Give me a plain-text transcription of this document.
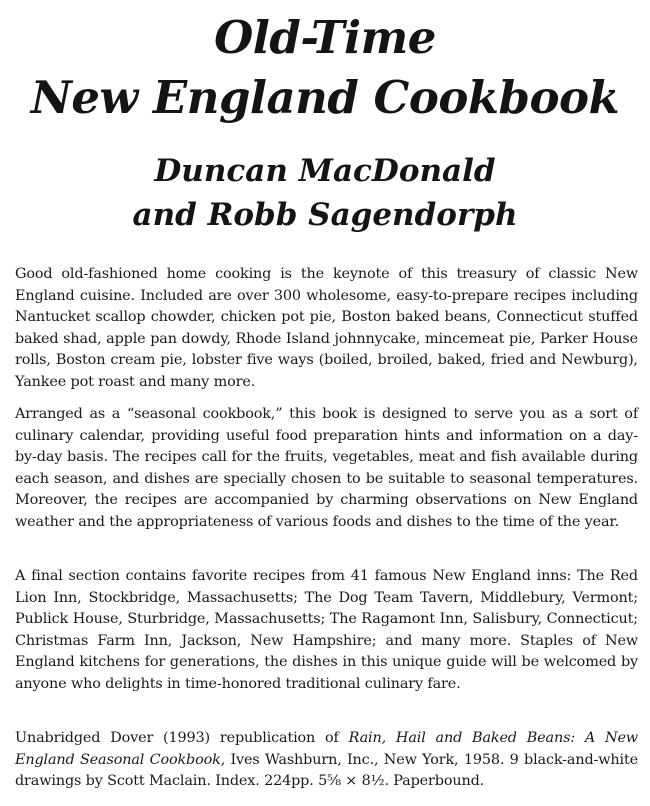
Old-Time
New England Cookbook
Duncan MacDonald
and Robb Sagendorph

Good old-fashioned home cooking is the keynote of this treasury of classic New England cuisine. Included are over 300 wholesome, easy-to-prepare recipes including Nantucket scallop chowder, chicken pot pie, Boston baked beans, Connecticut stuffed baked shad, apple pan dowdy, Rhode Island johnnycake, mincemeat pie, Parker House rolls, Boston cream pie, lobster five ways (boiled, broiled, baked, fried and Newburg), Yankee pot roast and many more.

Arranged as a “seasonal cookbook,” this book is designed to serve you as a sort of culinary calendar, providing useful food preparation hints and information on a day-by-day basis. The recipes call for the fruits, vegetables, meat and fish available during each season, and dishes are specially chosen to be suitable to seasonal temperatures. Moreover, the recipes are accompanied by charming observations on New England weather and the appropriateness of various foods and dishes to the time of the year.

A final section contains favorite recipes from 41 famous New England inns: The Red Lion Inn, Stockbridge, Massachusetts; The Dog Team Tavern, Middlebury, Vermont; Publick House, Sturbridge, Massachusetts; The Ragamont Inn, Salisbury, Connecticut; Christmas Farm Inn, Jackson, New Hampshire; and many more. Staples of New England kitchens for generations, the dishes in this unique guide will be welcomed by anyone who delights in time-honored traditional culinary fare.

Unabridged Dover (1993) republication of Rain, Hail and Baked Beans: A New England Seasonal Cookbook, Ives Washburn, Inc., New York, 1958. 9 black-and-white drawings by Scott Maclain. Index. 224pp. 5⅝ × 8½. Paperbound.
